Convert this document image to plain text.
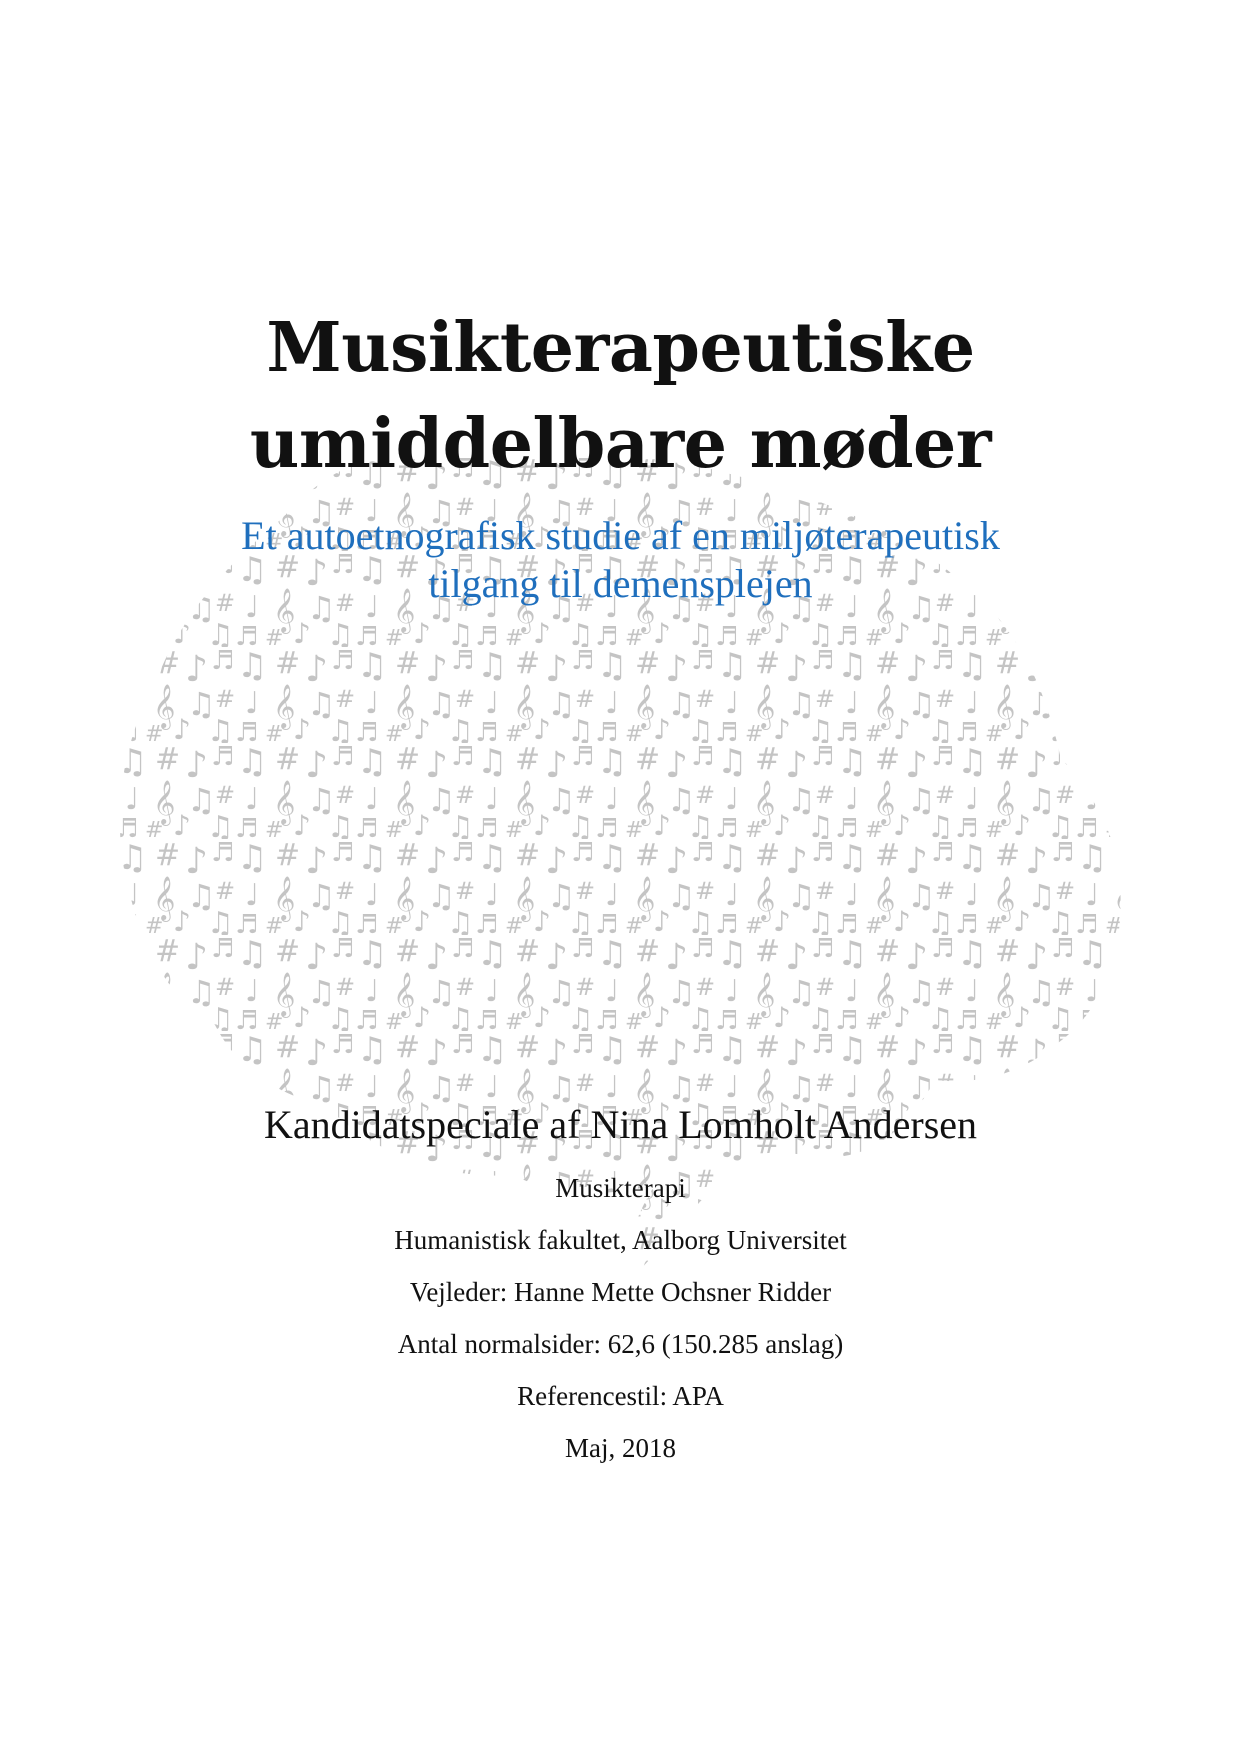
Musikterapeutiske
umiddelbare møder
Et autoetnografisk studie af en miljøterapeutisk
tilgang til demensplejen
Kandidatspeciale af Nina Lomholt Andersen
Musikterapi
Humanistisk fakultet, Aalborg Universitet
Vejleder: Hanne Mette Ochsner Ridder
Antal normalsider: 62,6 (150.285 anslag)
Referencestil: APA
Maj, 2018
